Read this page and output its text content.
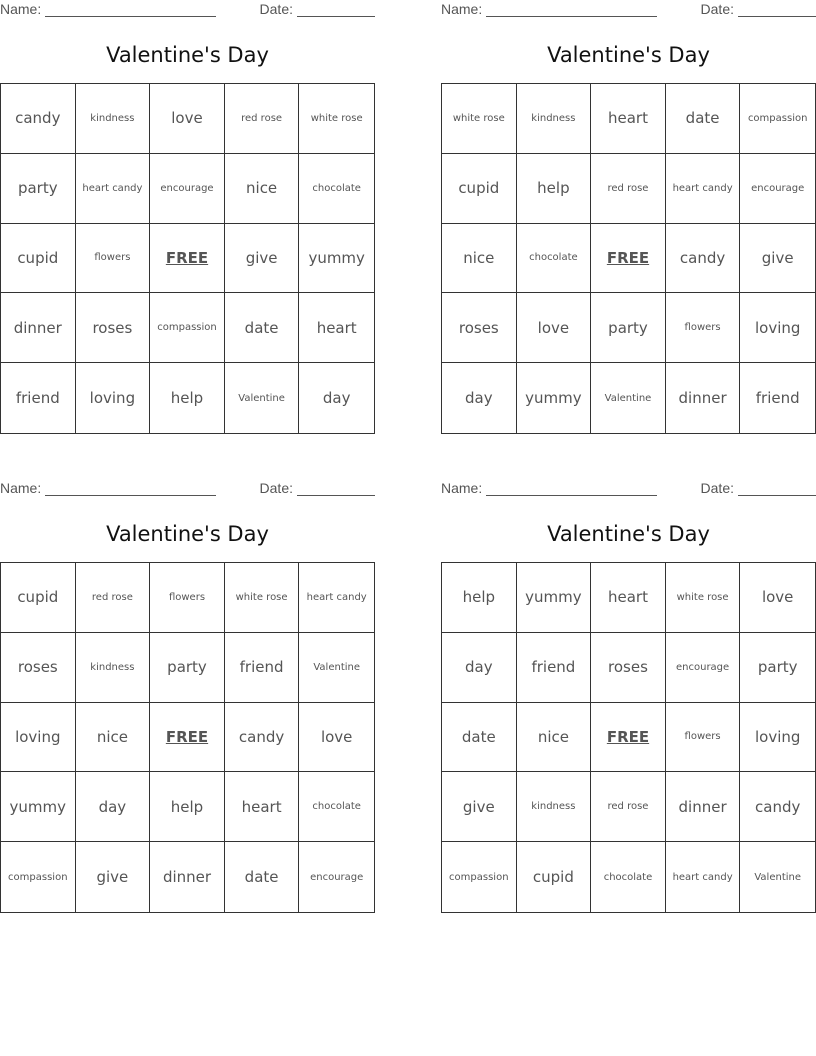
Name:	Date:
Valentine's Day
candy	kindness	love	red rose	white rose
party	heart candy	encourage	nice	chocolate
cupid	flowers	FREE	give	yummy
dinner	roses	compassion	date	heart
friend	loving	help	Valentine	day
Name:	Date:
Valentine's Day
white rose	kindness	heart	date	compassion
cupid	help	red rose	heart candy	encourage
nice	chocolate	FREE	candy	give
roses	love	party	flowers	loving
day	yummy	Valentine	dinner	friend
Name:	Date:
Valentine's Day
cupid	red rose	flowers	white rose	heart candy
roses	kindness	party	friend	Valentine
loving	nice	FREE	candy	love
yummy	day	help	heart	chocolate
compassion	give	dinner	date	encourage
Name:	Date:
Valentine's Day
help	yummy	heart	white rose	love
day	friend	roses	encourage	party
date	nice	FREE	flowers	loving
give	kindness	red rose	dinner	candy
compassion	cupid	chocolate	heart candy	Valentine
